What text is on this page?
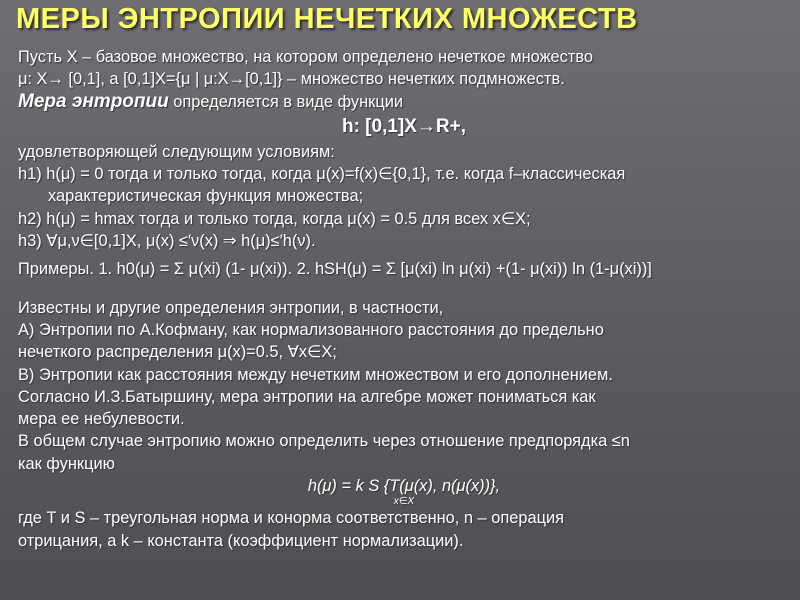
МЕРЫ ЭНТРОПИИ НЕЧЕТКИХ МНОЖЕСТВ
Пусть X – базовое множество, на котором определено нечеткое множество
μ: X→ [0,1], а [0,1]X={μ | μ:X→[0,1]} – множество нечетких подмножеств.
Мера энтропии определяется в виде функции
h: [0,1]X→R+,
удовлетворяющей следующим условиям:
h1) h(μ) = 0 тогда и только тогда, когда μ(x)=f(x)∈{0,1}, т.е. когда f–классическая
характеристическая функция множества;
h2) h(μ) = hmax тогда и только тогда, когда μ(x) = 0.5 для всех x∈X;
h3) ∀μ,ν∈[0,1]X, μ(x) ≤′ν(x) ⇒ h(μ)≤′h(ν).
Примеры. 1. h0(μ) = Σ μ(xi) (1- μ(xi)). 2. hSH(μ) = Σ [μ(xi) ln μ(xi) +(1- μ(xi)) ln (1-μ(xi))]
Известны и другие определения энтропии, в частности,
A) Энтропии по А.Кофману, как нормализованного расстояния до предельно
нечеткого распределения μ(x)=0.5, ∀x∈X;
B) Энтропии как расстояния между нечетким множеством и его дополнением.
Согласно И.З.Батыршину, мера энтропии на алгебре может пониматься как
мера ее небулевости.
В общем случае энтропию можно определить через отношение предпорядка ≤n
как функцию
h(μ) = k S {T(μ(x), n(μ(x))},
x∈X
где T и S – треугольная норма и конорма соответственно, n – операция
отрицания, а k – константа (коэффициент нормализации).
